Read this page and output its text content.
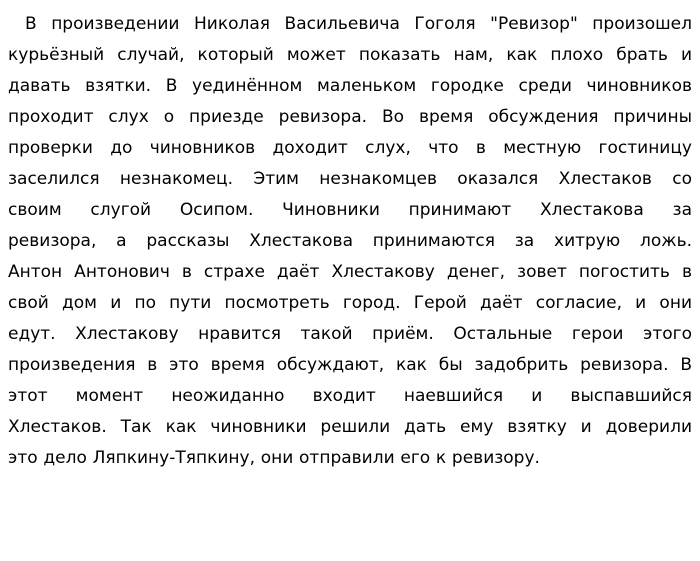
В произведении Николая Васильевича Гоголя "Ревизор" произошел
курьёзный случай, который может показать нам, как плохо брать и
давать взятки. В уединённом маленьком городке среди чиновников
проходит слух о приезде ревизора. Во время обсуждения причины
проверки до чиновников доходит слух, что в местную гостиницу
заселился незнакомец. Этим незнакомцев оказался Хлестаков со
своим слугой Осипом. Чиновники принимают Хлестакова за
ревизора, а рассказы Хлестакова принимаются за хитрую ложь.
Антон Антонович в страхе даёт Хлестакову денег, зовет погостить в
свой дом и по пути посмотреть город. Герой даёт согласие, и они
едут. Хлестакову нравится такой приём. Остальные герои этого
произведения в это время обсуждают, как бы задобрить ревизора. В
этот момент неожиданно входит наевшийся и выспавшийся
Хлестаков. Так как чиновники решили дать ему взятку и доверили
это дело Ляпкину-Тяпкину, они отправили его к ревизору.
